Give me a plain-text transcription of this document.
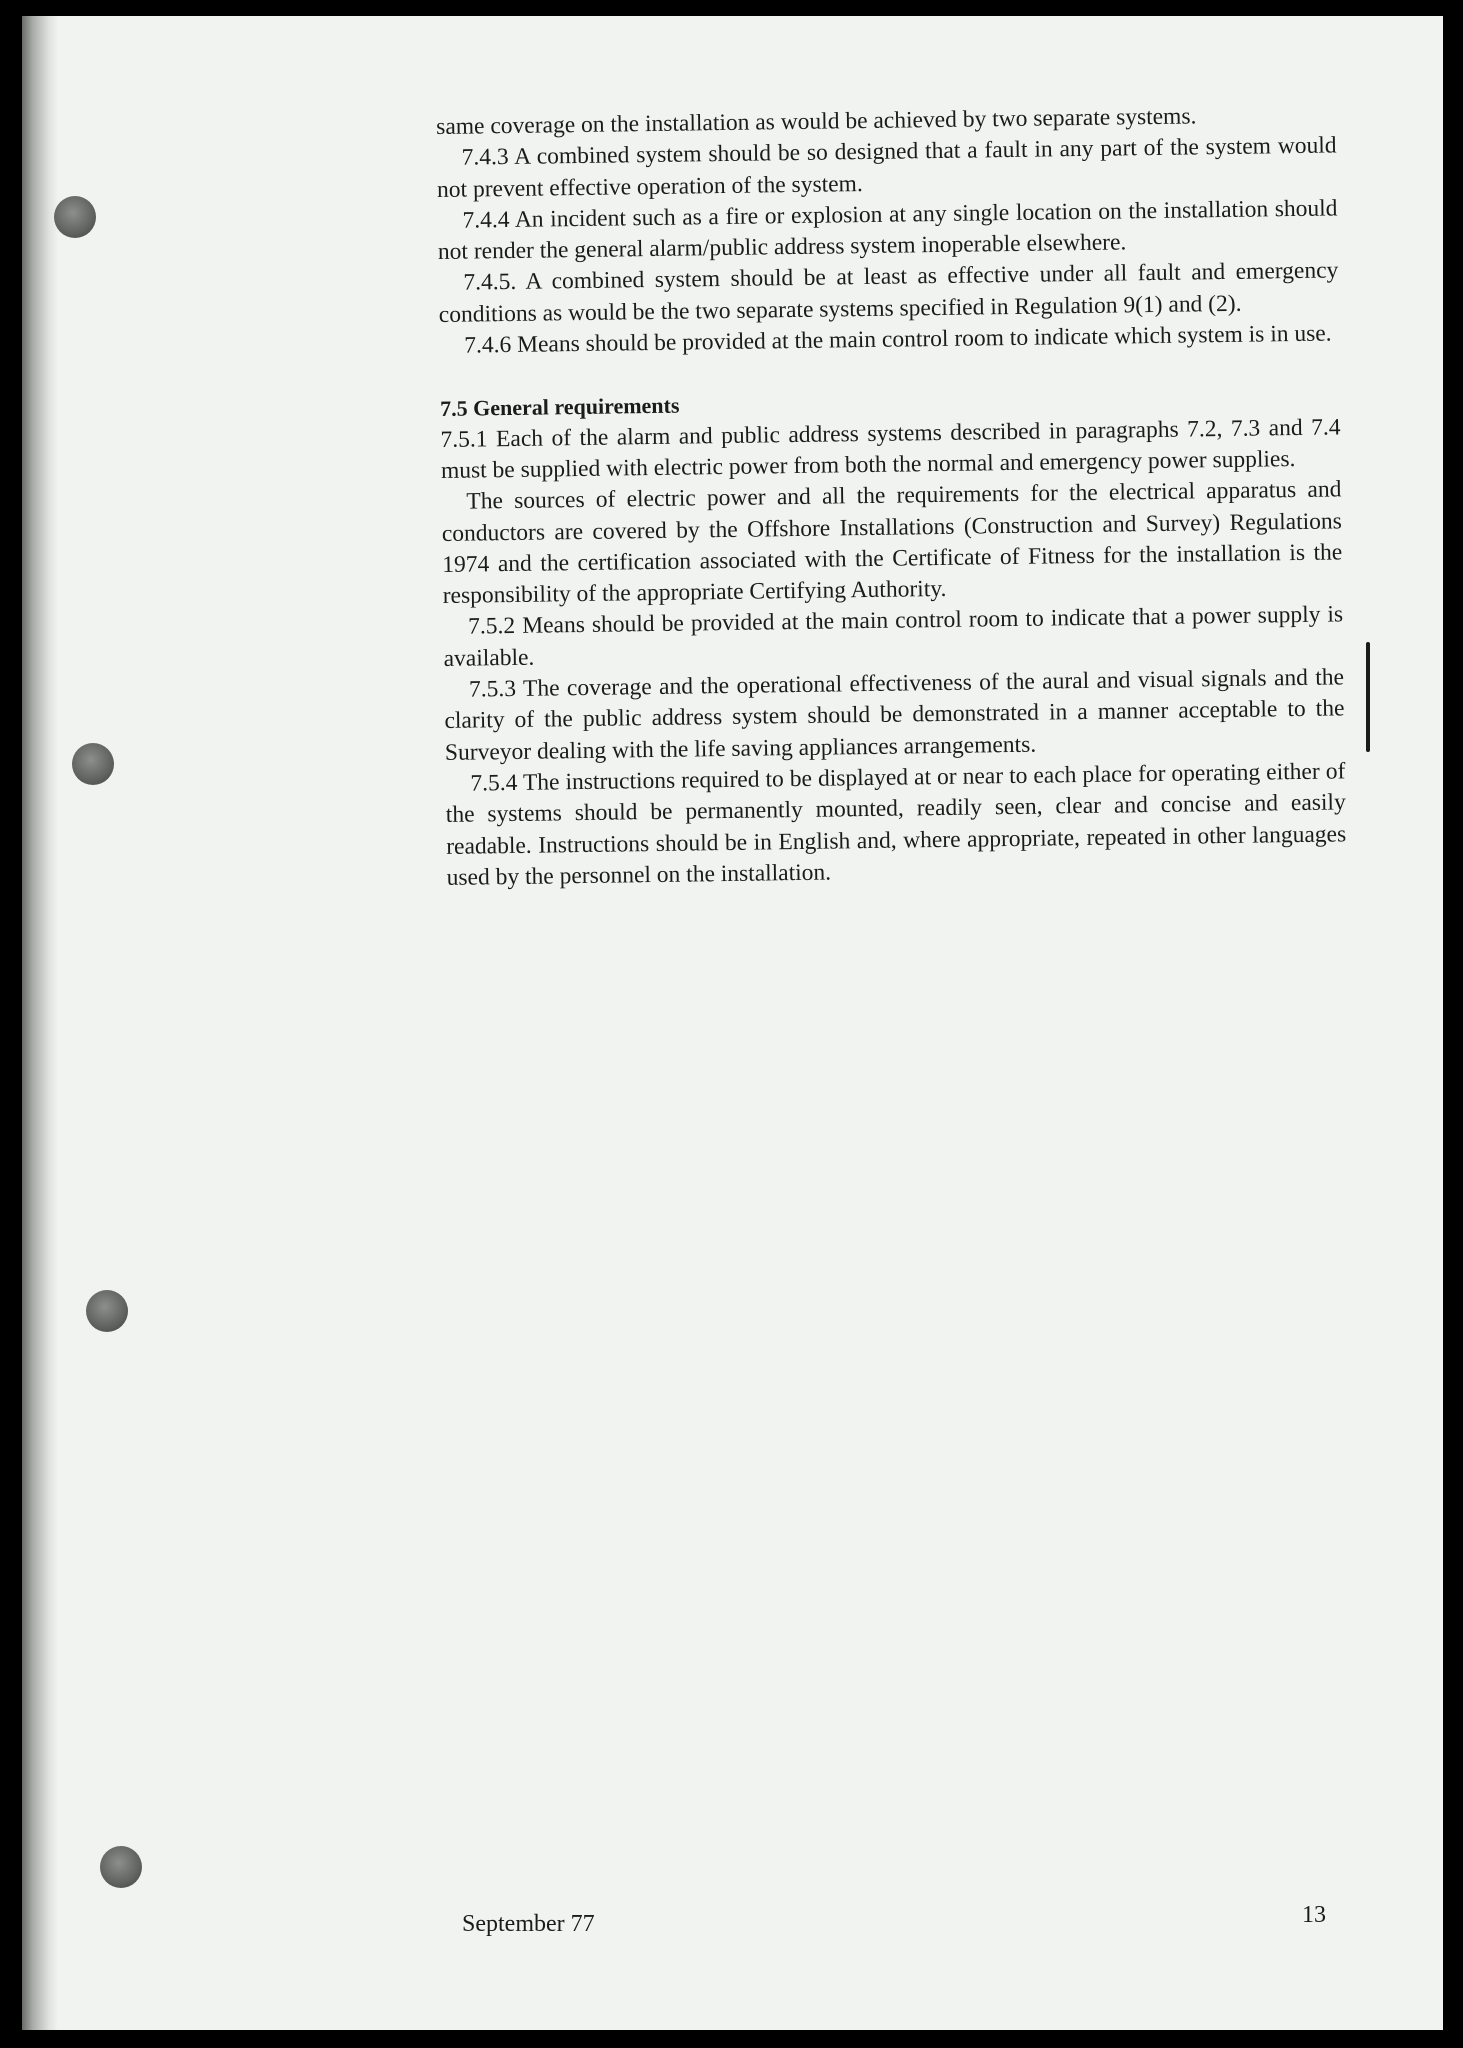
same coverage on the installation as would be achieved by two separate systems.

7.4.3 A combined system should be so designed that a fault in any part of the system would not prevent effective operation of the system.

7.4.4 An incident such as a fire or explosion at any single location on the installation should not render the general alarm/public address system inoperable elsewhere.

7.4.5. A combined system should be at least as effective under all fault and emergency conditions as would be the two separate systems specified in Regulation 9(1) and (2).

7.4.6 Means should be provided at the main control room to indicate which system is in use.

7.5 General requirements

7.5.1 Each of the alarm and public address systems described in paragraphs 7.2, 7.3 and 7.4 must be supplied with electric power from both the normal and emergency power supplies.

The sources of electric power and all the requirements for the electrical apparatus and conductors are covered by the Offshore Installations (Construction and Survey) Regulations 1974 and the certification associated with the Certificate of Fitness for the installation is the responsibility of the appropriate Certifying Authority.

7.5.2 Means should be provided at the main control room to indicate that a power supply is available.

7.5.3 The coverage and the operational effectiveness of the aural and visual signals and the clarity of the public address system should be demonstrated in a manner acceptable to the Surveyor dealing with the life saving appliances arrangements.

7.5.4 The instructions required to be displayed at or near to each place for operating either of the systems should be permanently mounted, readily seen, clear and concise and easily readable. Instructions should be in English and, where appropriate, repeated in other languages used by the personnel on the installation.

September 77	13
